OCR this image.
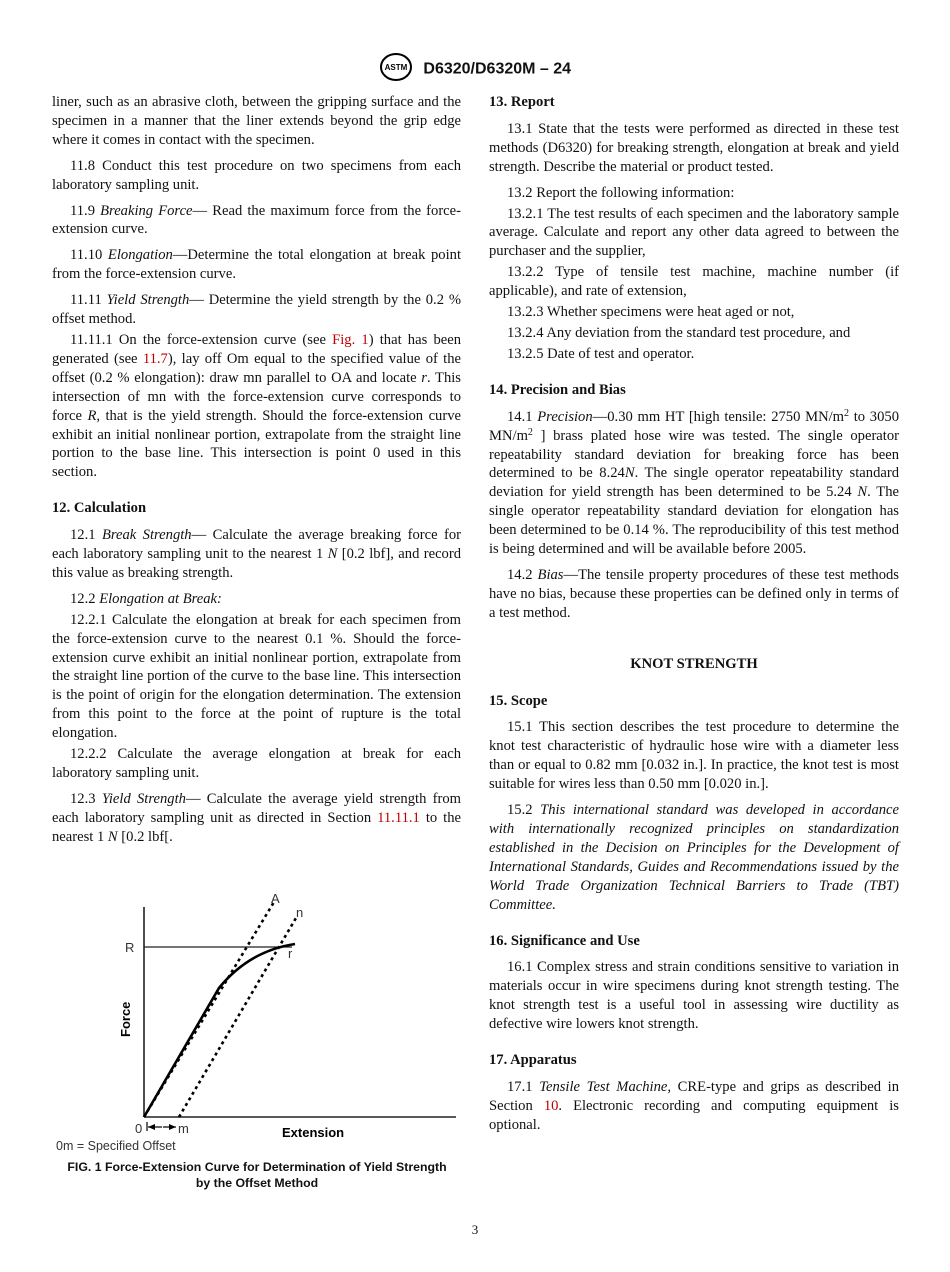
ASTM D6320/D6320M – 24

liner, such as an abrasive cloth, between the gripping surface and the specimen in a manner that the liner extends beyond the grip edge where it comes in contact with the specimen.

11.8 Conduct this test procedure on two specimens from each laboratory sampling unit.

11.9 Breaking Force— Read the maximum force from the force-extension curve.

11.10 Elongation—Determine the total elongation at break point from the force-extension curve.

11.11 Yield Strength— Determine the yield strength by the 0.2 % offset method.

11.11.1 On the force-extension curve (see Fig. 1) that has been generated (see 11.7), lay off Om equal to the specified value of the offset (0.2 % elongation): draw mn parallel to OA and locate r. This intersection of mn with the force-extension curve corresponds to force R, that is the yield strength. Should the force-extension curve exhibit an initial nonlinear portion, extrapolate from the straight line portion to the base line. This intersection is point 0 used in this section.

12. Calculation

12.1 Break Strength— Calculate the average breaking force for each laboratory sampling unit to the nearest 1 N [0.2 lbf], and record this value as breaking strength.

12.2 Elongation at Break:

12.2.1 Calculate the elongation at break for each specimen from the force-extension curve to the nearest 0.1 %. Should the force-extension curve exhibit an initial nonlinear portion, extrapolate from the straight line portion of the curve to the base line. This intersection is the point of origin for the elongation determination. The extension from this point to the force at the point of rupture is the total elongation.

12.2.2 Calculate the average elongation at break for each laboratory sampling unit.

12.3 Yield Strength— Calculate the average yield strength from each laboratory sampling unit as directed in Section 11.11.1 to the nearest 1 N [0.2 lbf[.

A
n
R	r
0	m
Force
Extension
0m = Specified Offset
FIG. 1 Force-Extension Curve for Determination of Yield Strength
by the Offset Method
13. Report

13.1 State that the tests were performed as directed in these test methods (D6320) for breaking strength, elongation at break and yield strength. Describe the material or product tested.

13.2 Report the following information:

13.2.1 The test results of each specimen and the laboratory sample average. Calculate and report any other data agreed to between the purchaser and the supplier,

13.2.2 Type of tensile test machine, machine number (if applicable), and rate of extension,

13.2.3 Whether specimens were heat aged or not,

13.2.4 Any deviation from the standard test procedure, and

13.2.5 Date of test and operator.

14. Precision and Bias

14.1 Precision—0.30 mm HT [high tensile: 2750 $MN/m^2$ to 3050 $MN/m^2$ ] brass plated hose wire was tested. The single operator repeatability standard deviation for breaking force has been determined to be 8.24N. The single operator repeatability standard deviation for yield strength has been determined to be 5.24 N. The single operator repeatability standard deviation for elongation has been determined to be 0.14 %. The reproducibility of this test method is being determined and will be available before 2005.

14.2 Bias—The tensile property procedures of these test methods have no bias, because these properties can be defined only in terms of a test method.

KNOT STRENGTH
15. Scope

15.1 This section describes the test procedure to determine the knot test characteristic of hydraulic hose wire with a diameter less than or equal to 0.82 mm [0.032 in.]. In practice, the knot test is most suitable for wires less than 0.50 mm [0.020 in.].

15.2 This international standard was developed in accordance with internationally recognized principles on standardization established in the Decision on Principles for the Development of International Standards, Guides and Recommendations issued by the World Trade Organization Technical Barriers to Trade (TBT) Committee.

16. Significance and Use

16.1 Complex stress and strain conditions sensitive to variation in materials occur in wire specimens during knot strength testing. The knot strength test is a useful tool in assessing wire ductility as defective wire lowers knot strength.

17. Apparatus

17.1 Tensile Test Machine, CRE-type and grips as described in Section 10. Electronic recording and computing equipment is optional.

3
